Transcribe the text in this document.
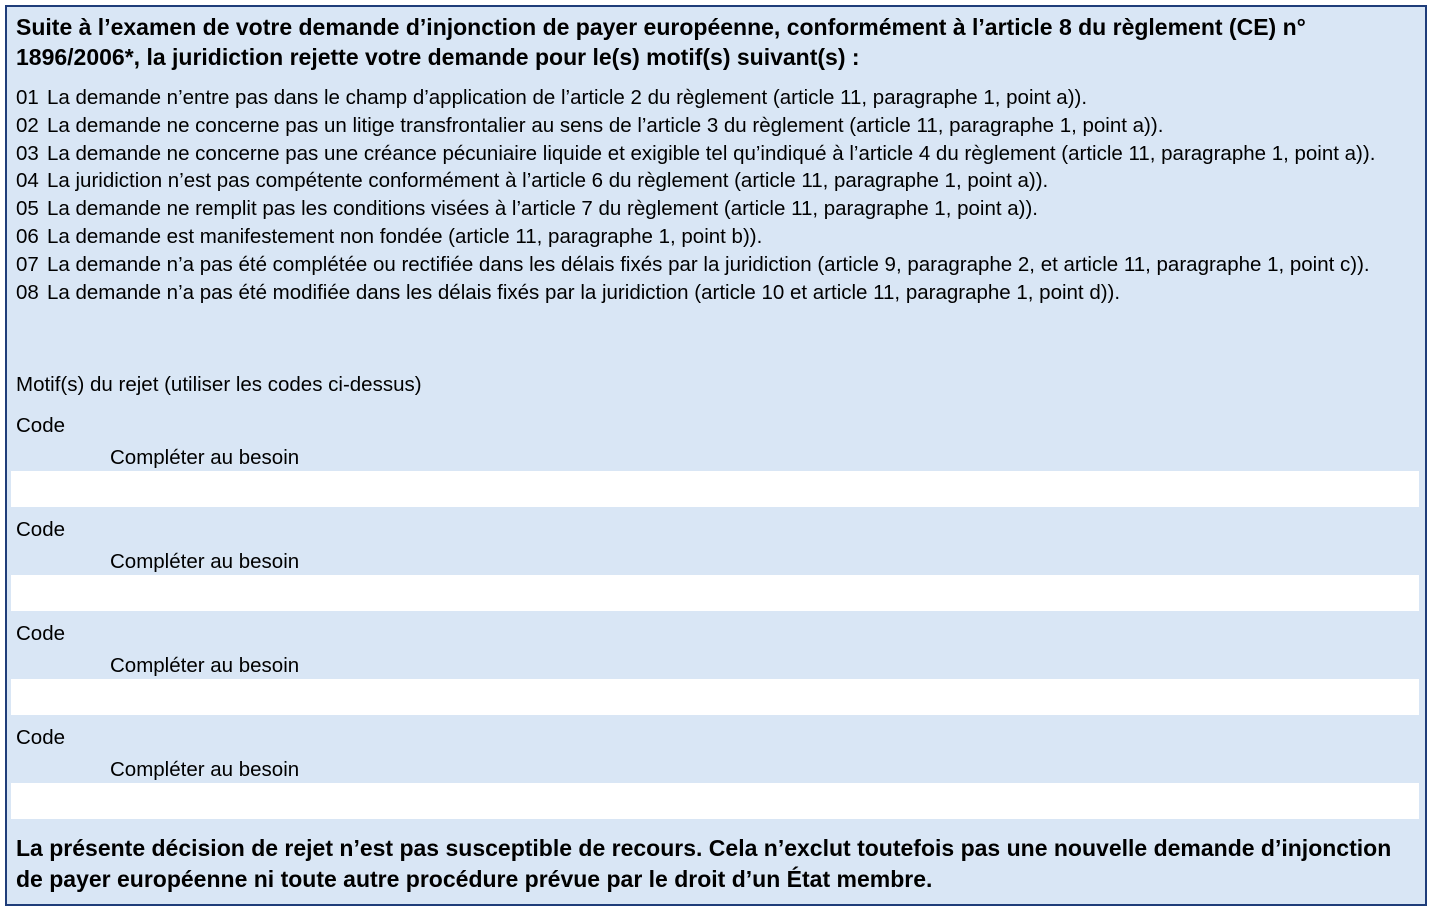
Suite à l’examen de votre demande d’injonction de payer européenne, conformément à l’article 8 du règlement (CE) n° 1896/2006*, la juridiction rejette votre demande pour le(s) motif(s) suivant(s) :
01 La demande n’entre pas dans le champ d’application de l’article 2 du règlement (article 11, paragraphe 1, point a)).
02 La demande ne concerne pas un litige transfrontalier au sens de l’article 3 du règlement (article 11, paragraphe 1, point a)).
03 La demande ne concerne pas une créance pécuniaire liquide et exigible tel qu’indiqué à l’article 4 du règlement (article 11, paragraphe 1, point a)).
04 La juridiction n’est pas compétente conformément à l’article 6 du règlement (article 11, paragraphe 1, point a)).
05 La demande ne remplit pas les conditions visées à l’article 7 du règlement (article 11, paragraphe 1, point a)).
06 La demande est manifestement non fondée (article 11, paragraphe 1, point b)).
07 La demande n’a pas été complétée ou rectifiée dans les délais fixés par la juridiction (article 9, paragraphe 2, et article 11, paragraphe 1, point c)).
08 La demande n’a pas été modifiée dans les délais fixés par la juridiction (article 10 et article 11, paragraphe 1, point d)).
Motif(s) du rejet (utiliser les codes ci-dessus)
Code
Compléter au besoin
Code
Compléter au besoin
Code
Compléter au besoin
Code
Compléter au besoin
La présente décision de rejet n’est pas susceptible de recours. Cela n’exclut toutefois pas une nouvelle demande d’injonction de payer européenne ni toute autre procédure prévue par le droit d’un État membre.
